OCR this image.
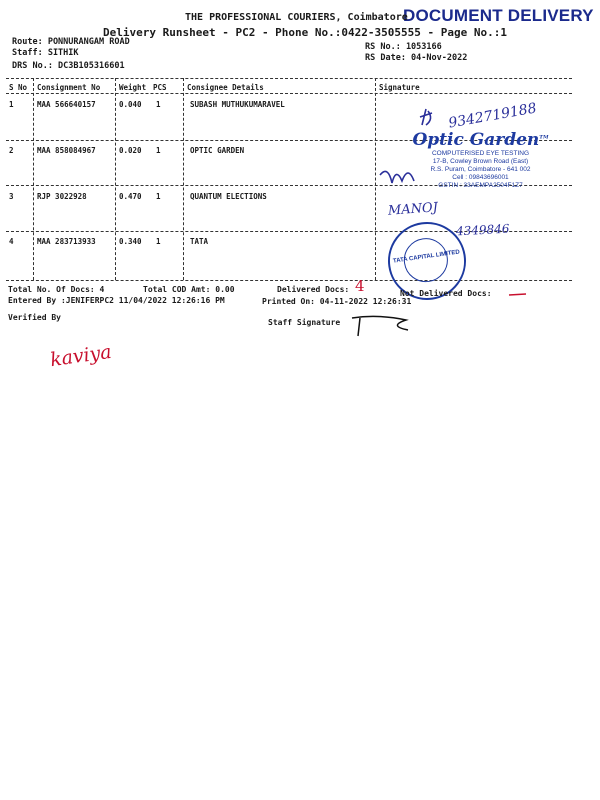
DOCUMENT DELIVERY
THE PROFESSIONAL COURIERS, Coimbatore
Delivery Runsheet - PC2 - Phone No.:0422-3505555 - Page No.:1
Route: PONNURANGAM ROAD
Staff: SITHIK
DRS No.: DC3B105316601
RS No.: 1053166
RS Date: 04-Nov-2022
S No Consignment No	Weight PCS	Consignee Details	Signature
1	MAA 566640157	0.040 1	SUBASH MUTHUKUMARAVEL
2	MAA 858084967	0.020 1	OPTIC GARDEN
3	RJP 3022928	0.470 1	QUANTUM ELECTIONS
4	MAA 283713933	0.340 1	TATA
9342719188
MANOJ
4349846
Optic Garden™
COMPUTERISED EYE TESTING
17-B, Cowley Brown Road (East)
R.S. Puram, Coimbatore - 641 002
Cell : 09843696001
GSTIN : 33AEMPA2504F1Z7
TATA CAPITAL LIMITED
Total No. Of Docs: 4	Total COD Amt: 0.00	Delivered Docs: 4	Not Delivered Docs:
Entered By :JENIFERPC2 11/04/2022 12:26:16 PM	Printed On: 04-11-2022 12:26:31
Verified By
Staff Signature
kaviya
